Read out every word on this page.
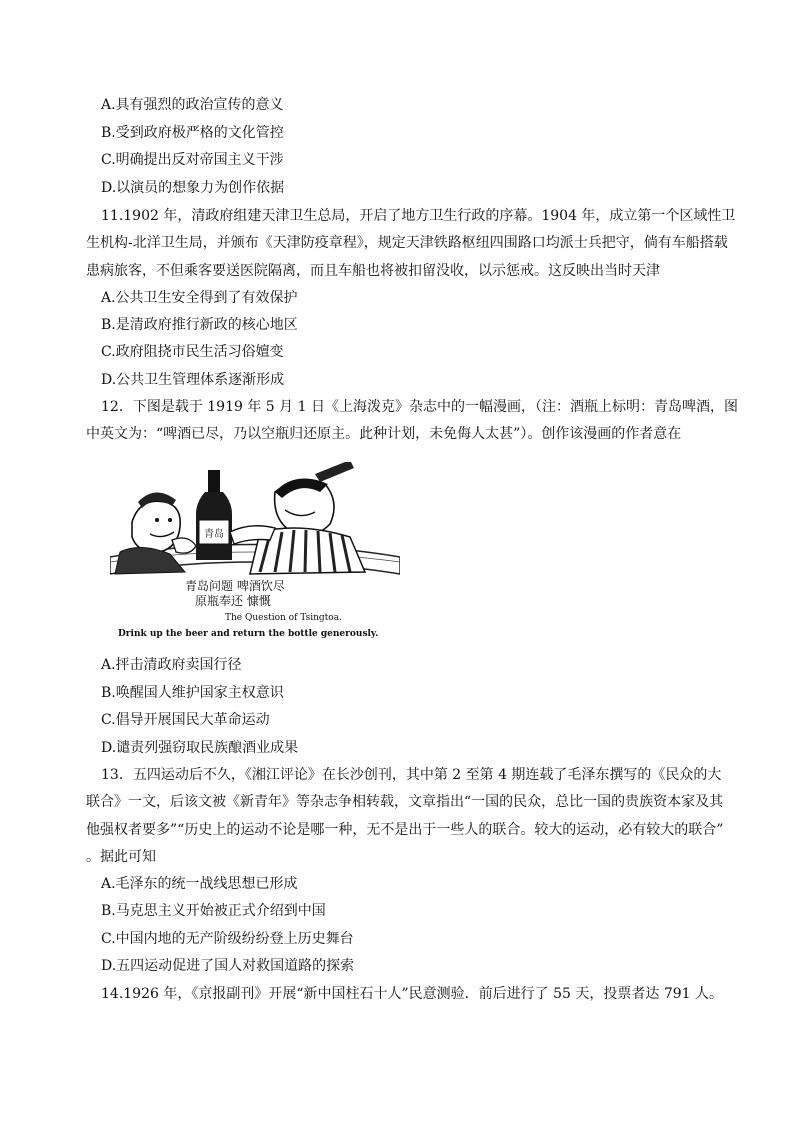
A.具有强烈的政治宣传的意义
B.受到政府极严格的文化管控
C.明确提出反对帝国主义干涉
D.以演员的想象力为创作依据
11.1902 年，清政府组建天津卫生总局，开启了地方卫生行政的序幕。1904 年，成立第一个区域性卫
生机构-北洋卫生局，并颁布《天津防疫章程》，规定天津铁路枢纽四围路口均派士兵把守，倘有车船搭载
患病旅客，不但乘客要送医院隔离，而且车船也将被扣留没收，以示惩戒。这反映出当时天津
A.公共卫生安全得到了有效保护
B.是清政府推行新政的核心地区
C.政府阻挠市民生活习俗嬗变
D.公共卫生管理体系逐渐形成
12．下图是载于 1919 年 5 月 1 日《上海泼克》杂志中的一幅漫画，（注：酒瓶上标明：青岛啤酒，图
中英文为：“啤酒已尽，乃以空瓶归还原主。此种计划，未免侮人太甚”）。创作该漫画的作者意在
青岛
青岛问题 啤酒饮尽
原瓶奉还 慷慨
The Question of Tsingtoa.
Drink up the beer and return the bottle generously.
A.抨击清政府卖国行径
B.唤醒国人维护国家主权意识
C.倡导开展国民大革命运动
D.谴责列强窃取民族酿酒业成果
13．五四运动后不久，《湘江评论》在长沙创刊，其中第 2 至第 4 期连载了毛泽东撰写的《民众的大
联合》一文，后该文被《新青年》等杂志争相转载，文章指出“一国的民众，总比一国的贵族资本家及其
他强权者要多”“历史上的运动不论是哪一种，无不是出于一些人的联合。较大的运动，必有较大的联合”
。据此可知
A.毛泽东的统一战线思想已形成
B.马克思主义开始被正式介绍到中国
C.中国内地的无产阶级纷纷登上历史舞台
D.五四运动促进了国人对救国道路的探索
14.1926 年，《京报副刊》开展“新中国柱石十人”民意测验．前后进行了 55 天，投票者达 791 人。
